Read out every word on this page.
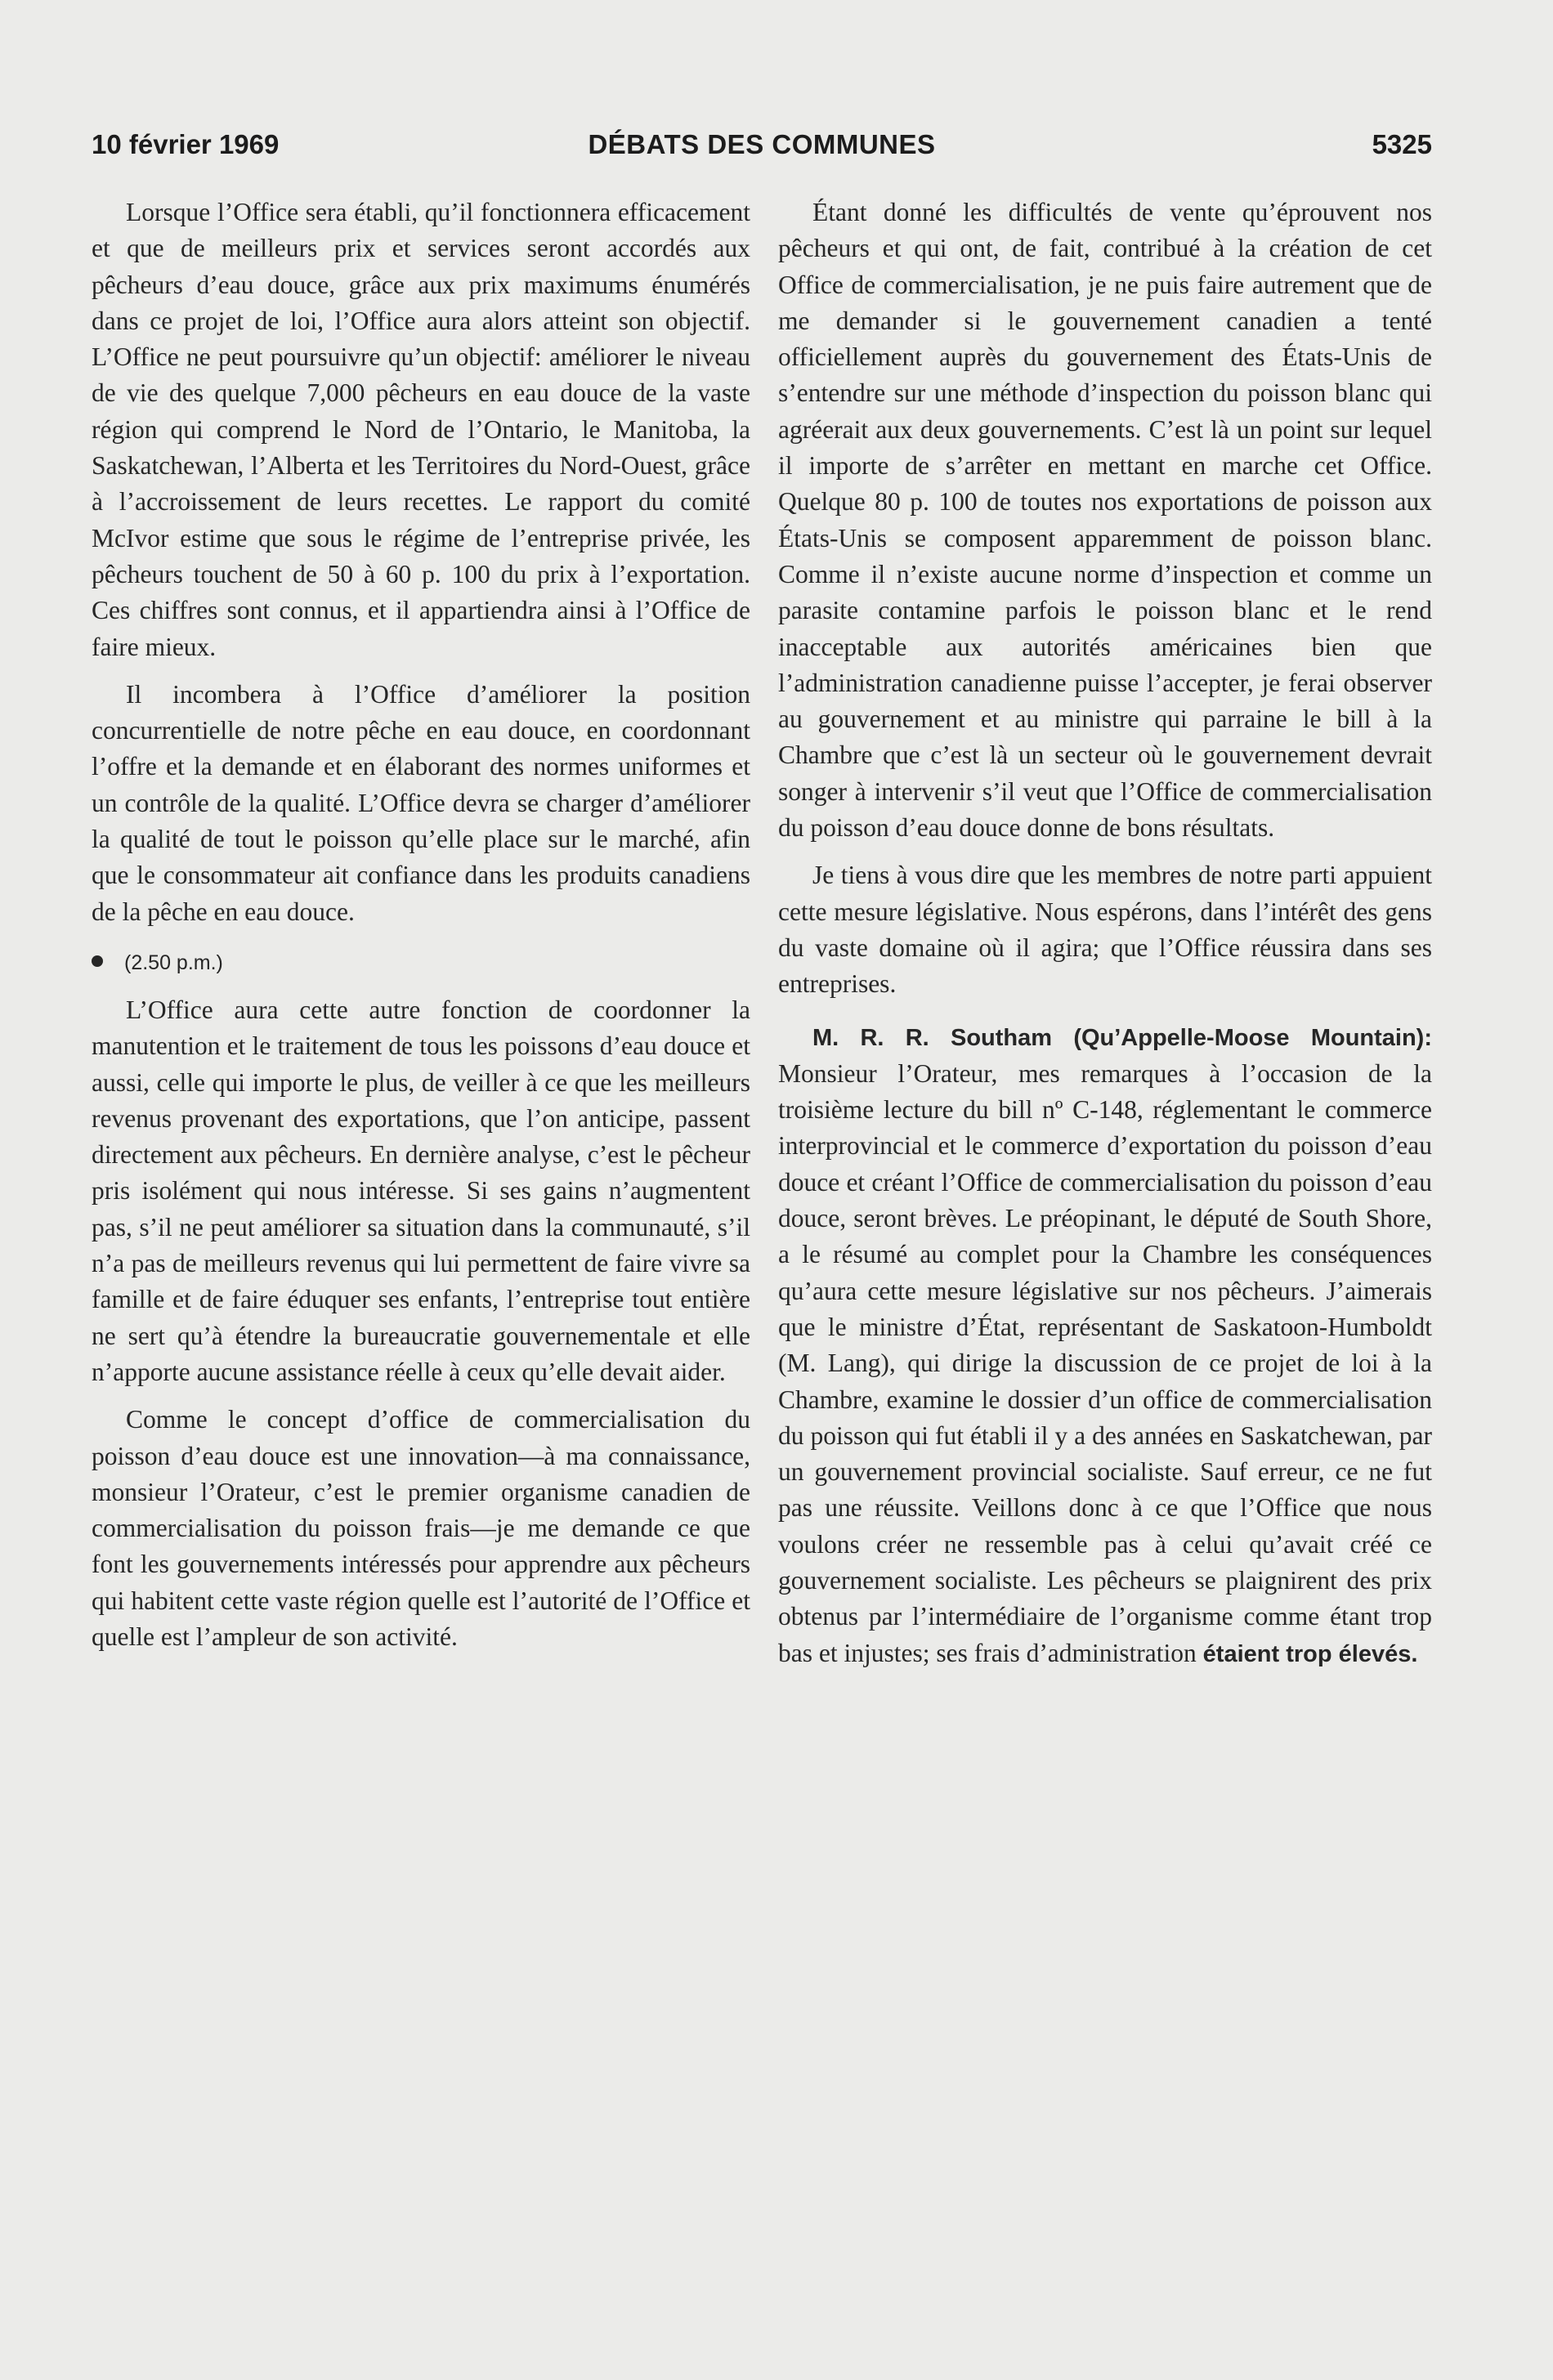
10 février 1969	DÉBATS DES COMMUNES	5325

Lorsque l’Office sera établi, qu’il fonctionnera efficacement et que de meilleurs prix et services seront accordés aux pêcheurs d’eau douce, grâce aux prix maximums énumérés dans ce projet de loi, l’Office aura alors atteint son objectif. L’Office ne peut poursuivre qu’un objectif: améliorer le niveau de vie des quelque 7,000 pêcheurs en eau douce de la vaste région qui comprend le Nord de l’Ontario, le Manitoba, la Saskatchewan, l’Alberta et les Territoires du Nord-Ouest, grâce à l’accroissement de leurs recettes. Le rapport du comité McIvor estime que sous le régime de l’entreprise privée, les pêcheurs touchent de 50 à 60 p. 100 du prix à l’exportation. Ces chiffres sont connus, et il appartiendra ainsi à l’Office de faire mieux.

Il incombera à l’Office d’améliorer la position concurrentielle de notre pêche en eau douce, en coordonnant l’offre et la demande et en élaborant des normes uniformes et un contrôle de la qualité. L’Office devra se charger d’améliorer la qualité de tout le poisson qu’elle place sur le marché, afin que le consommateur ait confiance dans les produits canadiens de la pêche en eau douce.

(2.50 p.m.)

L’Office aura cette autre fonction de coordonner la manutention et le traitement de tous les poissons d’eau douce et aussi, celle qui importe le plus, de veiller à ce que les meilleurs revenus provenant des exportations, que l’on anticipe, passent directement aux pêcheurs. En dernière analyse, c’est le pêcheur pris isolément qui nous intéresse. Si ses gains n’augmentent pas, s’il ne peut améliorer sa situation dans la communauté, s’il n’a pas de meilleurs revenus qui lui permettent de faire vivre sa famille et de faire éduquer ses enfants, l’entreprise tout entière ne sert qu’à étendre la bureaucratie gouvernementale et elle n’apporte aucune assistance réelle à ceux qu’elle devait aider.

Comme le concept d’office de commercialisation du poisson d’eau douce est une innovation—à ma connaissance, monsieur l’Orateur, c’est le premier organisme canadien de commercialisation du poisson frais—je me demande ce que font les gouvernements intéressés pour apprendre aux pêcheurs qui habitent cette vaste région quelle est l’autorité de l’Office et quelle est l’ampleur de son activité.

Étant donné les difficultés de vente qu’éprouvent nos pêcheurs et qui ont, de fait, contribué à la création de cet Office de commercialisation, je ne puis faire autrement que de me demander si le gouvernement canadien a tenté officiellement auprès du gouvernement des États-Unis de s’entendre sur une méthode d’inspection du poisson blanc qui agréerait aux deux gouvernements. C’est là un point sur lequel il importe de s’arrêter en mettant en marche cet Office. Quelque 80 p. 100 de toutes nos exportations de poisson aux États-Unis se composent apparemment de poisson blanc. Comme il n’existe aucune norme d’inspection et comme un parasite contamine parfois le poisson blanc et le rend inacceptable aux autorités américaines bien que l’administration canadienne puisse l’accepter, je ferai observer au gouvernement et au ministre qui parraine le bill à la Chambre que c’est là un secteur où le gouvernement devrait songer à intervenir s’il veut que l’Office de commercialisation du poisson d’eau douce donne de bons résultats.

Je tiens à vous dire que les membres de notre parti appuient cette mesure législative. Nous espérons, dans l’intérêt des gens du vaste domaine où il agira; que l’Office réussira dans ses entreprises.

M. R. R. Southam (Qu’Appelle-Moose Mountain): Monsieur l’Orateur, mes remarques à l’occasion de la troisième lecture du bill nº C-148, réglementant le commerce interprovincial et le commerce d’exportation du poisson d’eau douce et créant l’Office de commercialisation du poisson d’eau douce, seront brèves. Le préopinant, le député de South Shore, a le résumé au complet pour la Chambre les conséquences qu’aura cette mesure législative sur nos pêcheurs. J’aimerais que le ministre d’État, représentant de Saskatoon-Humboldt (M. Lang), qui dirige la discussion de ce projet de loi à la Chambre, examine le dossier d’un office de commercialisation du poisson qui fut établi il y a des années en Saskatchewan, par un gouvernement provincial socialiste. Sauf erreur, ce ne fut pas une réussite. Veillons donc à ce que l’Office que nous voulons créer ne ressemble pas à celui qu’avait créé ce gouvernement socialiste. Les pêcheurs se plaignirent des prix obtenus par l’intermédiaire de l’organisme comme étant trop bas et injustes; ses frais d’administration étaient trop élevés.
